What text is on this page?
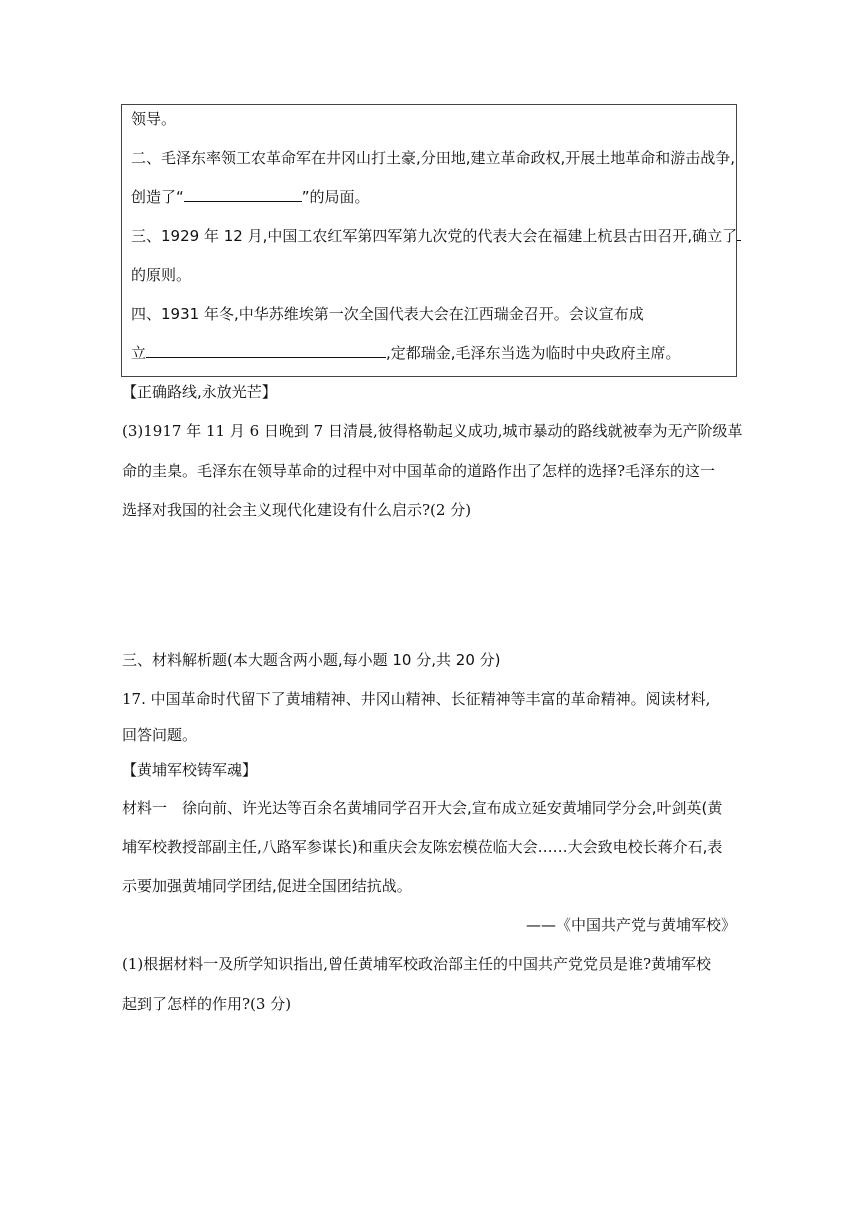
领导。
二、毛泽东率领工农革命军在井冈山打土豪,分田地,建立革命政权,开展土地革命和游击战争,
创造了“	”的局面。
三、1929 年 12 月,中国工农红军第四军第九次党的代表大会在福建上杭县古田召开,确立了
的原则。
四、1931 年冬,中华苏维埃第一次全国代表大会在江西瑞金召开。会议宣布成
立	,定都瑞金,毛泽东当选为临时中央政府主席。
【正确路线,永放光芒】
(3)1917 年 11 月 6 日晚到 7 日清晨,彼得格勒起义成功,城市暴动的路线就被奉为无产阶级革
命的圭臬。毛泽东在领导革命的过程中对中国革命的道路作出了怎样的选择?毛泽东的这一
选择对我国的社会主义现代化建设有什么启示?(2 分)
三、材料解析题(本大题含两小题,每小题 10 分,共 20 分)
17. 中国革命时代留下了黄埔精神、井冈山精神、长征精神等丰富的革命精神。阅读材料,
回答问题。
【黄埔军校铸军魂】
材料一　徐向前、许光达等百余名黄埔同学召开大会,宣布成立延安黄埔同学分会,叶剑英(黄
埔军校教授部副主任,八路军参谋长)和重庆会友陈宏模莅临大会……大会致电校长蒋介石,表
示要加强黄埔同学团结,促进全国团结抗战。
——《中国共产党与黄埔军校》
(1)根据材料一及所学知识指出,曾任黄埔军校政治部主任的中国共产党党员是谁?黄埔军校
起到了怎样的作用?(3 分)
